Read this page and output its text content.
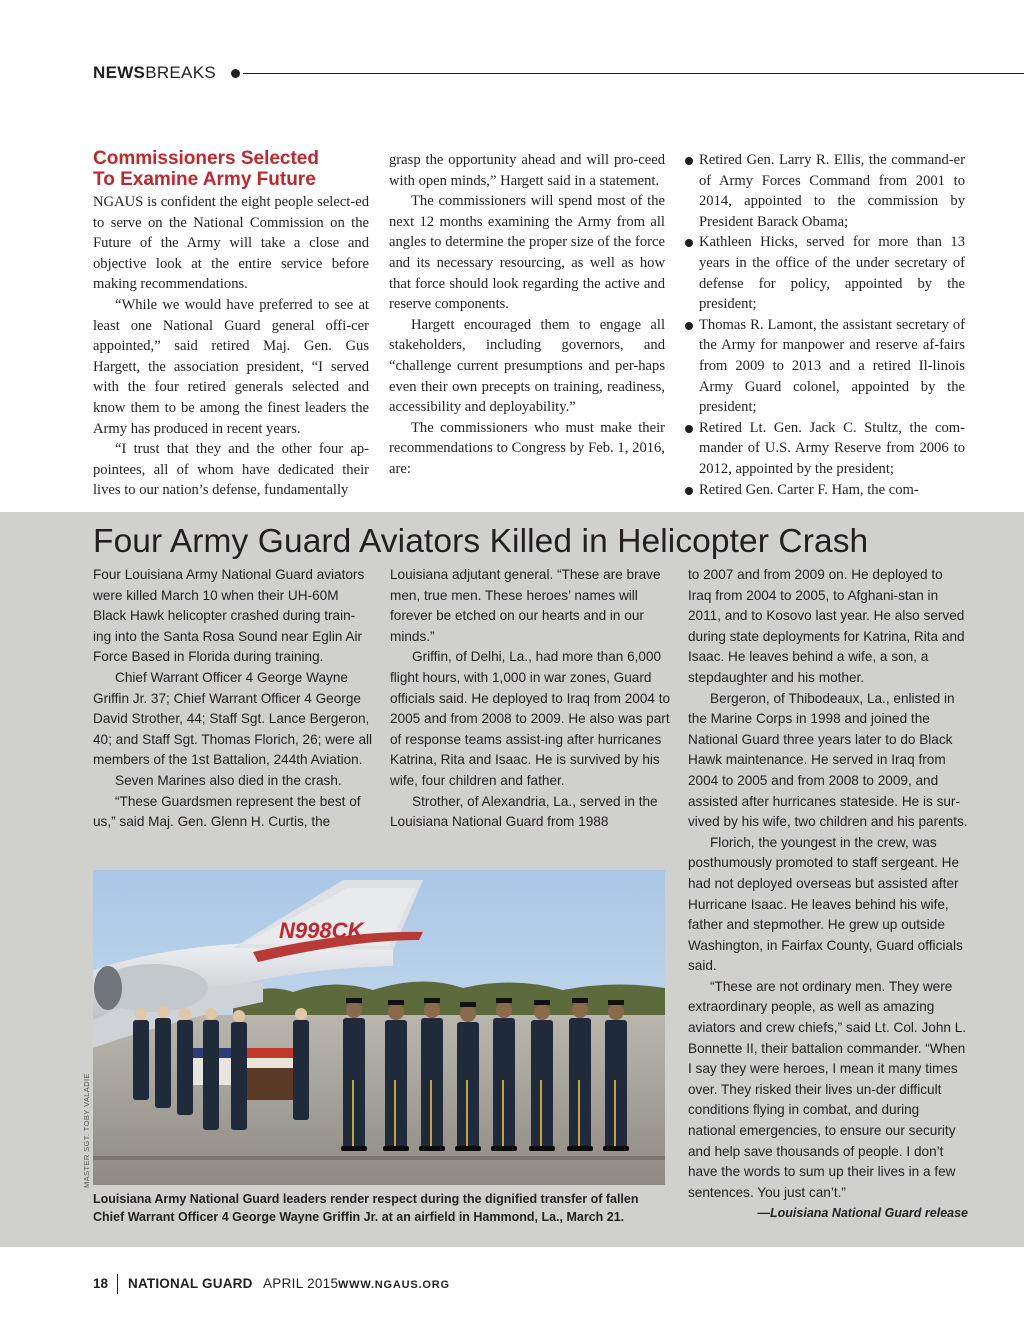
NEWSBREAKS
Commissioners Selected
To Examine Army Future

NGAUS is confident the eight people select-ed to serve on the National Commission on the Future of the Army will take a close and objective look at the entire service before making recommendations.

“While we would have preferred to see at least one National Guard general offi-cer appointed,” said retired Maj. Gen. Gus Hargett, the association president, “I served with the four retired generals selected and know them to be among the finest leaders the Army has produced in recent years.

“I trust that they and the other four ap-pointees, all of whom have dedicated their lives to our nation’s defense, fundamentally

grasp the opportunity ahead and will pro-ceed with open minds,” Hargett said in a statement.

The commissioners will spend most of the next 12 months examining the Army from all angles to determine the proper size of the force and its necessary resourcing, as well as how that force should look regarding the active and reserve components.

Hargett encouraged them to engage all stakeholders, including governors, and “challenge current presumptions and per-haps even their own precepts on training, readiness, accessibility and deployability.”

The commissioners who must make their recommendations to Congress by Feb. 1, 2016, are:

Retired Gen. Larry R. Ellis, the command-er of Army Forces Command from 2001 to 2014, appointed to the commission by President Barack Obama;
Kathleen Hicks, served for more than 13 years in the office of the under secretary of defense for policy, appointed by the president;
Thomas R. Lamont, the assistant secretary of the Army for manpower and reserve af-fairs from 2009 to 2013 and a retired Il-linois Army Guard colonel, appointed by the president;
Retired Lt. Gen. Jack C. Stultz, the com-mander of U.S. Army Reserve from 2006 to 2012, appointed by the president;
Retired Gen. Carter F. Ham, the com-
Four Army Guard Aviators Killed in Helicopter Crash

Four Louisiana Army National Guard aviators were killed March 10 when their UH-60M Black Hawk helicopter crashed during train-ing into the Santa Rosa Sound near Eglin Air Force Based in Florida during training.

Chief Warrant Officer 4 George Wayne Griffin Jr. 37; Chief Warrant Officer 4 George David Strother, 44; Staff Sgt. Lance Bergeron, 40; and Staff Sgt. Thomas Florich, 26; were all members of the 1st Battalion, 244th Aviation.

Seven Marines also died in the crash.

“These Guardsmen represent the best of us,” said Maj. Gen. Glenn H. Curtis, the

Louisiana adjutant general. “These are brave men, true men. These heroes’ names will forever be etched on our hearts and in our minds.”

Griffin, of Delhi, La., had more than 6,000 flight hours, with 1,000 in war zones, Guard officials said. He deployed to Iraq from 2004 to 2005 and from 2008 to 2009. He also was part of response teams assist-ing after hurricanes Katrina, Rita and Isaac. He is survived by his wife, four children and father.

Strother, of Alexandria, La., served in the Louisiana National Guard from 1988

to 2007 and from 2009 on. He deployed to Iraq from 2004 to 2005, to Afghani-stan in 2011, and to Kosovo last year. He also served during state deployments for Katrina, Rita and Isaac. He leaves behind a wife, a son, a stepdaughter and his mother.

Bergeron, of Thibodeaux, La., enlisted in the Marine Corps in 1998 and joined the National Guard three years later to do Black Hawk maintenance. He served in Iraq from 2004 to 2005 and from 2008 to 2009, and assisted after hurricanes stateside. He is sur-vived by his wife, two children and his parents.

Florich, the youngest in the crew, was posthumously promoted to staff sergeant. He had not deployed overseas but assisted after Hurricane Isaac. He leaves behind his wife, father and stepmother. He grew up outside Washington, in Fairfax County, Guard officials said.

“These are not ordinary men. They were extraordinary people, as well as amazing aviators and crew chiefs,” said Lt. Col. John L. Bonnette II, their battalion commander. “When I say they were heroes, I mean it many times over. They risked their lives un-der difficult conditions flying in combat, and during national emergencies, to ensure our security and help save thousands of people. I don’t have the words to sum up their lives in a few sentences. You just can’t.”

—Louisiana National Guard release

N998CK
MASTER SGT. TOBY VALADIE
Louisiana Army National Guard leaders render respect during the dignified transfer of fallen Chief Warrant Officer 4 George Wayne Griffin Jr. at an airfield in Hammond, La., March 21.
18 NATIONAL GUARD APRIL 2015 WWW.NGAUS.ORG
